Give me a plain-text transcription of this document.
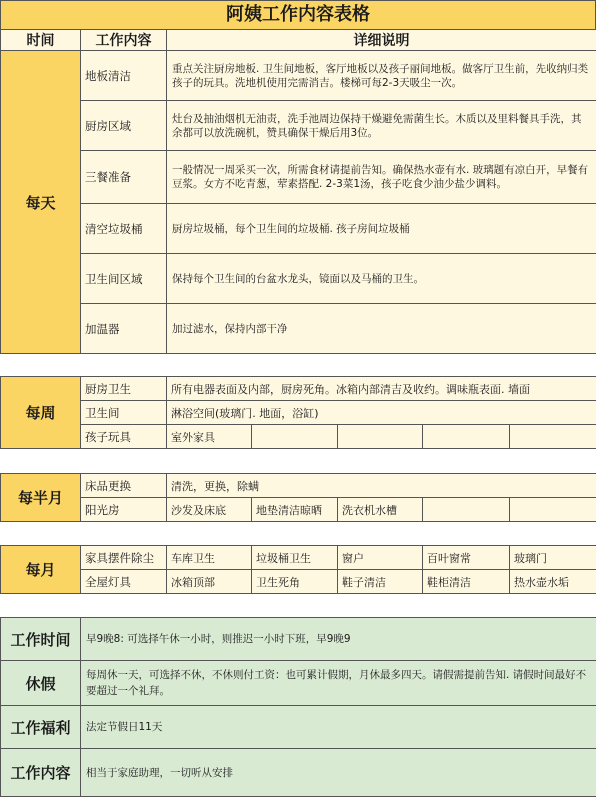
阿姨工作内容表格
时间	工作内容	详细说明
每天	地板清洁	重点关注厨房地板. 卫生间地板，客厅地板以及孩子丽间地板。做客厅卫生前，先收纳归类孩子的玩具。洗地机使用完需消吉。楼梯可每2-3天吸尘一次。
	厨房区域	灶台及抽油烟机无油责，洗手池周边保持干燥避免需菌生长。木质以及里料餐具手洗，其余都可以放洗碗机，赞具确保干燥后用3位。
	三餐准备	一般情况一周采买一次，所需食材请提前告知。确保热水壶有水. 玻璃题有凉白开，早餐有豆浆。女方不吃青葱，荤素搭配. 2-3菜1汤，孩子吃食少油少盐少调料。
	清空垃圾桶	厨房垃圾桶，每个卫生间的垃圾桶. 孩子房间垃圾桶
	卫生间区域	保持每个卫生间的台盆水龙头，镜面以及马桶的卫生。
	加温器	加过滤水，保持内部干净
每周	厨房卫生	所有电器表面及内部，厨房死角。冰箱内部清吉及收约。调味瓶表面. 墙面				
	卫生间	淋浴空间(玻璃门. 地面，浴缸)				
	孩子玩具	室外家具				
每半月	床品更换	清洗，更换，除螨				
	阳光房	沙发及床底	地垫清洁晾晒	洗衣机水槽		
每月	家具摆件除尘	车库卫生	垃圾桶卫生	窗户	百叶窗常	玻璃门
	全屋灯具	冰箱顶部	卫生死角	鞋子清洁	鞋柜清洁	热水壶水垢
工作时间	早9晚8: 可选择午休一小时，则推迟一小时下班，早9晚9
休假	每周休一天，可选择不休，不休则付工资：也可累计假期，月休最多四天。请假需提前告知. 请假时间最好不要超过一个礼拜。
工作福利	法定节假日11天
工作内容	相当于家庭助理，一切听从安排
